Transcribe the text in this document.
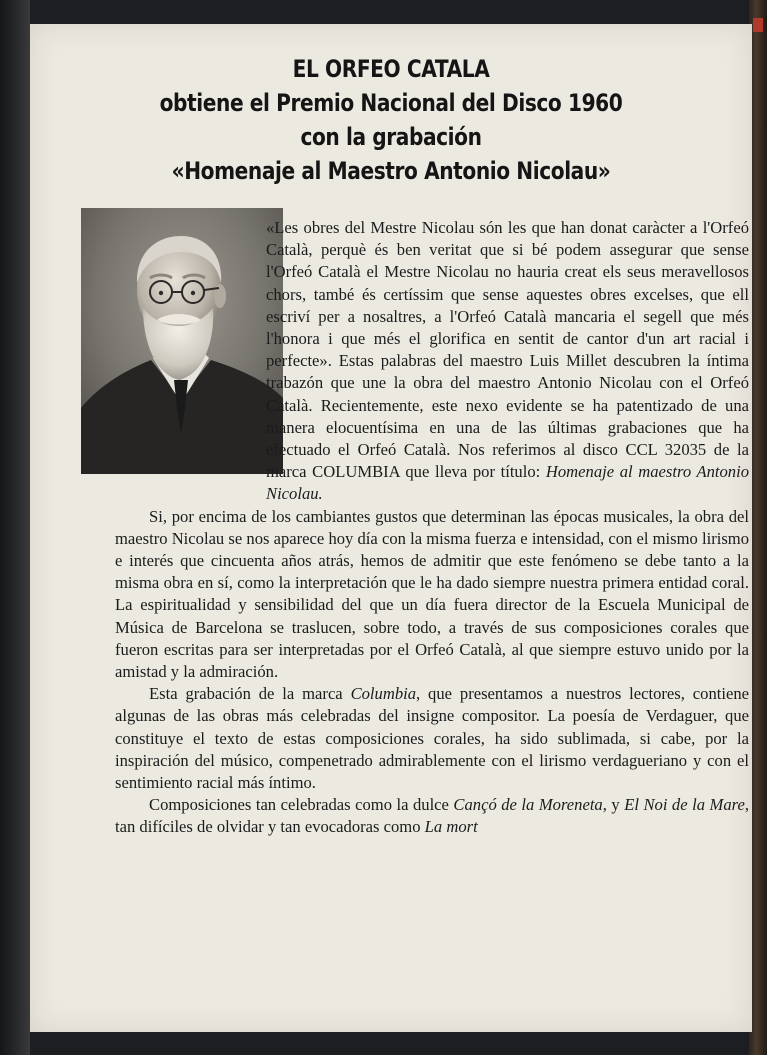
EL ORFEO CATALA
obtiene el Premio Nacional del Disco 1960
con la grabación
«Homenaje al Maestro Antonio Nicolau»

«Les obres del Mestre Nicolau són les que han donat caràcter a l'Orfeó Català, perquè és ben veritat que si bé podem assegurar que sense l'Orfeó Català el Mestre Nicolau no hauria creat els seus meravellosos chors, també és certíssim que sense aquestes obres excelses, que ell escriví per a nosaltres, a l'Orfeó Català mancaria el segell que més l'honora i que més el glorifica en sentit de cantor d'un art racial i perfecte». Estas palabras del maestro Luis Millet descubren la íntima trabazón que une la obra del maestro Antonio Nicolau con el Orfeó Català. Recientemente, este nexo evidente se ha patentizado de una manera elocuentísima en una de las últimas grabaciones que ha efectuado el Orfeó Català. Nos referimos al disco CCL 32035 de la marca COLUMBIA que lleva por título: Homenaje al maestro Antonio Nicolau.

Si, por encima de los cambiantes gustos que determinan las épocas musicales, la obra del maestro Nicolau se nos aparece hoy día con la misma fuerza e intensidad, con el mismo lirismo e interés que cincuenta años atrás, hemos de admitir que este fenómeno se debe tanto a la misma obra en sí, como la interpretación que le ha dado siempre nuestra primera entidad coral. La espiritualidad y sensibilidad del que un día fuera director de la Escuela Municipal de Música de Barcelona se traslucen, sobre todo, a través de sus composiciones corales que fueron escritas para ser interpretadas por el Orfeó Català, al que siempre estuvo unido por la amistad y la admiración.

Esta grabación de la marca Columbia, que presentamos a nuestros lectores, contiene algunas de las obras más celebradas del insigne compositor. La poesía de Verdaguer, que constituye el texto de estas composiciones corales, ha sido sublimada, si cabe, por la inspiración del músico, compenetrado admirablemente con el lirismo verdagueriano y con el sentimiento racial más íntimo.

Composiciones tan celebradas como la dulce Cançó de la Moreneta, y El Noi de la Mare, tan difíciles de olvidar y tan evocadoras como La mort
